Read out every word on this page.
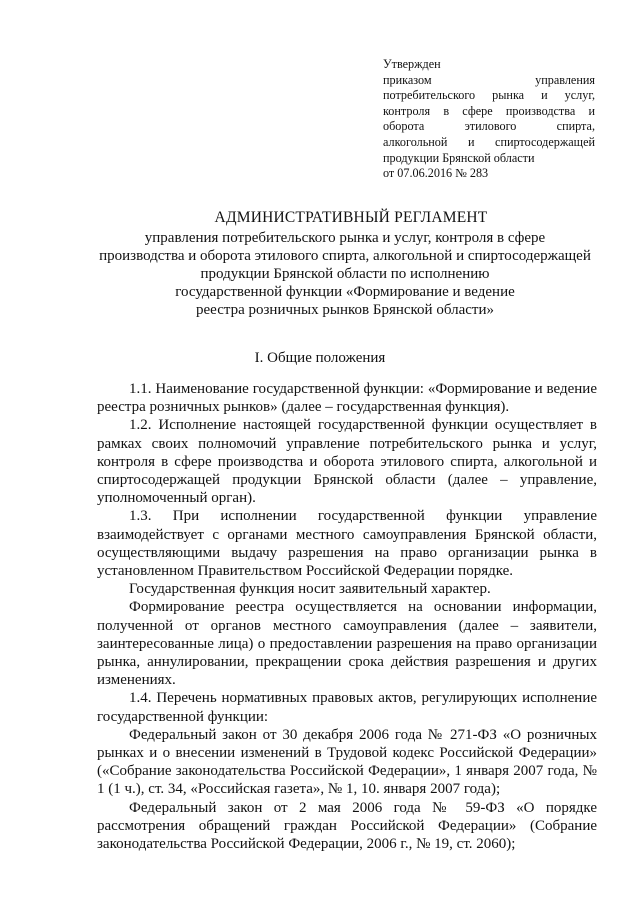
Утвержден
приказом управления
потребительского рынка и услуг,
контроля в сфере производства и
оборота этилового спирта,
алкогольной и спиртосодержащей
продукции Брянской области
от 07.06.2016 № 283
АДМИНИСТРАТИВНЫЙ РЕГЛАМЕНТ
управления потребительского рынка и услуг, контроля в сфере
производства и оборота этилового спирта, алкогольной и спиртосодержащей
продукции Брянской области по исполнению
государственной функции «Формирование и ведение
реестра розничных рынков Брянской области»
I. Общие положения

1.1. Наименование государственной функции: «Формирование и ведение реестра розничных рынков» (далее – государственная функция).

1.2. Исполнение настоящей государственной функции осуществляет в рамках своих полномочий управление потребительского рынка и услуг, контроля в сфере производства и оборота этилового спирта, алкогольной и спиртосодержащей продукции Брянской области (далее – управление, уполномоченный орган).

1.3. При исполнении государственной функции управление взаимодействует с органами местного самоуправления Брянской области, осуществляющими выдачу разрешения на право организации рынка в установленном Правительством Российской Федерации порядке.

Государственная функция носит заявительный характер.

Формирование реестра осуществляется на основании информации, полученной от органов местного самоуправления (далее – заявители, заинтересованные лица) о предоставлении разрешения на право организации рынка, аннулировании, прекращении срока действия разрешения и других изменениях.

1.4. Перечень нормативных правовых актов, регулирующих исполнение государственной функции:

Федеральный закон от 30 декабря 2006 года № 271-ФЗ «О розничных рынках и о внесении изменений в Трудовой кодекс Российской Федерации» («Собрание законодательства Российской Федерации», 1 января 2007 года, № 1 (1 ч.), ст. 34, «Российская газета», № 1, 10. января 2007 года);

Федеральный закон от 2 мая 2006 года № 59-ФЗ «О порядке рассмотрения обращений граждан Российской Федерации» (Собрание законодательства Российской Федерации, 2006 г., № 19, ст. 2060);
